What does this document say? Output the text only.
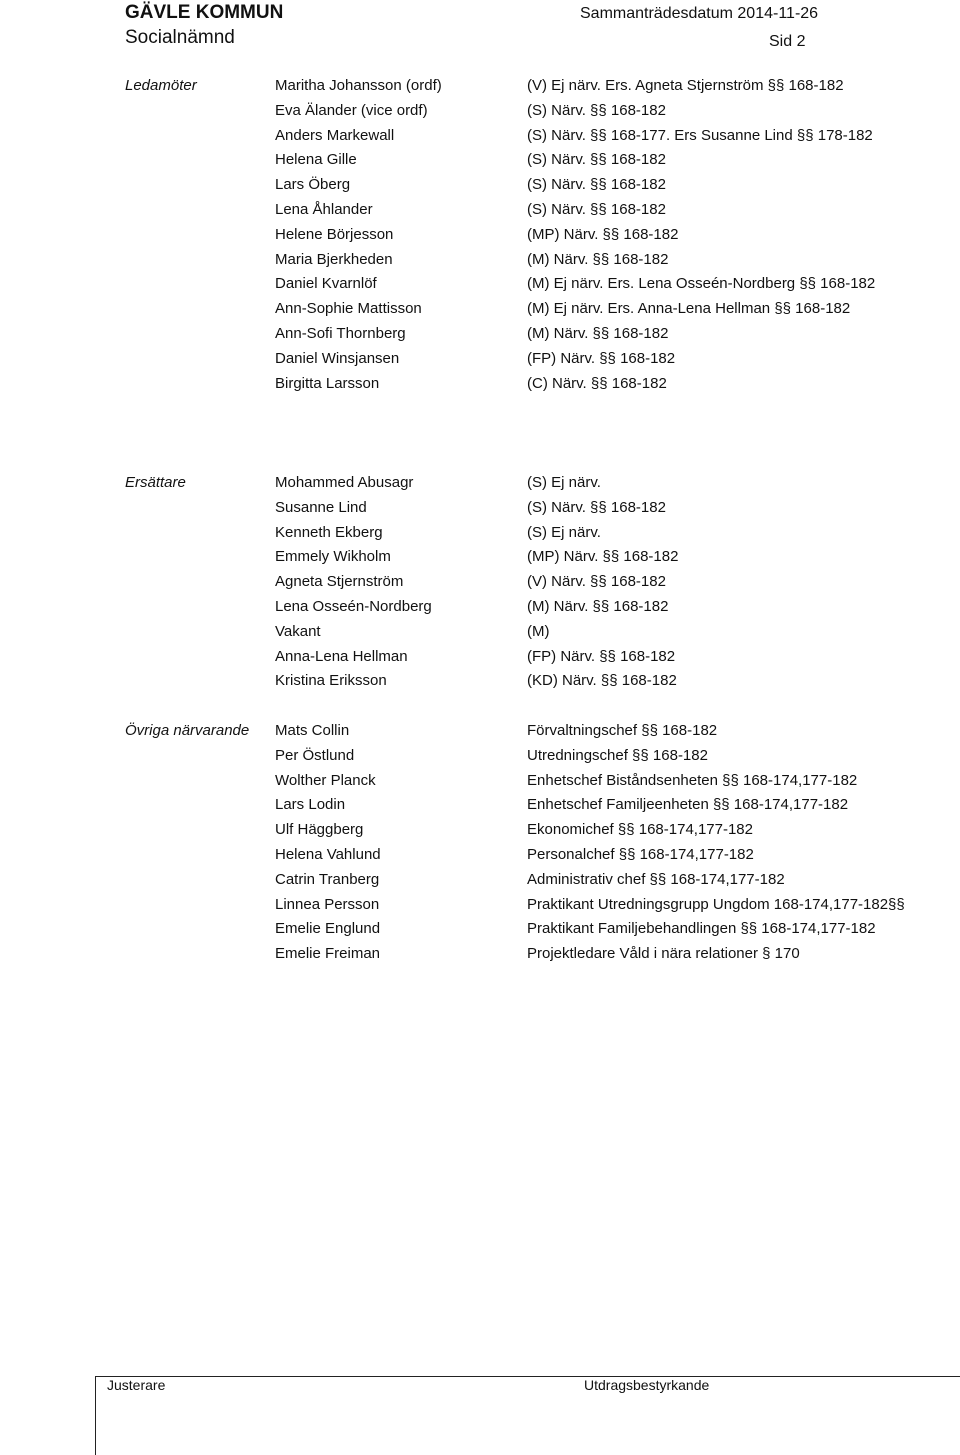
GÄVLE KOMMUN
Socialnämnd
Sammanträdesdatum 2014-11-26
Sid 2
Ledamöter	Maritha Johansson (ordf)	(V) Ej närv. Ers. Agneta Stjernström §§ 168-182
Eva Älander (vice ordf)	(S) Närv. §§ 168-182
Anders Markewall	(S) Närv. §§ 168-177. Ers Susanne Lind §§ 178-182
Helena Gille	(S) Närv. §§ 168-182
Lars Öberg	(S) Närv. §§ 168-182
Lena Åhlander	(S) Närv. §§ 168-182
Helene Börjesson	(MP) Närv. §§ 168-182
Maria Bjerkheden	(M) Närv. §§ 168-182
Daniel Kvarnlöf	(M) Ej närv. Ers. Lena Osseén-Nordberg §§ 168-182
Ann-Sophie Mattisson	(M) Ej närv. Ers. Anna-Lena Hellman §§ 168-182
Ann-Sofi Thornberg	(M) Närv. §§ 168-182
Daniel Winsjansen	(FP) Närv. §§ 168-182
Birgitta Larsson	(C) Närv. §§ 168-182
Ersättare	Mohammed Abusagr	(S) Ej närv.
Susanne Lind	(S) Närv. §§ 168-182
Kenneth Ekberg	(S) Ej närv.
Emmely Wikholm	(MP) Närv. §§ 168-182
Agneta Stjernström	(V) Närv. §§ 168-182
Lena Osseén-Nordberg	(M) Närv. §§ 168-182
Vakant	(M)
Anna-Lena Hellman	(FP) Närv. §§ 168-182
Kristina Eriksson	(KD) Närv. §§ 168-182
Övriga närvarande Mats Collin	Förvaltningschef §§ 168-182
Per Östlund	Utredningschef §§ 168-182
Wolther Planck	Enhetschef Biståndsenheten §§ 168-174,177-182
Lars Lodin	Enhetschef Familjeenheten §§ 168-174,177-182
Ulf Häggberg	Ekonomichef §§ 168-174,177-182
Helena Vahlund	Personalchef §§ 168-174,177-182
Catrin Tranberg	Administrativ chef §§ 168-174,177-182
Linnea Persson	Praktikant Utredningsgrupp Ungdom 168-174,177-182§§
Emelie Englund	Praktikant Familjebehandlingen §§ 168-174,177-182
Emelie Freiman	Projektledare Våld i nära relationer § 170
Justerare	Utdragsbestyrkande
